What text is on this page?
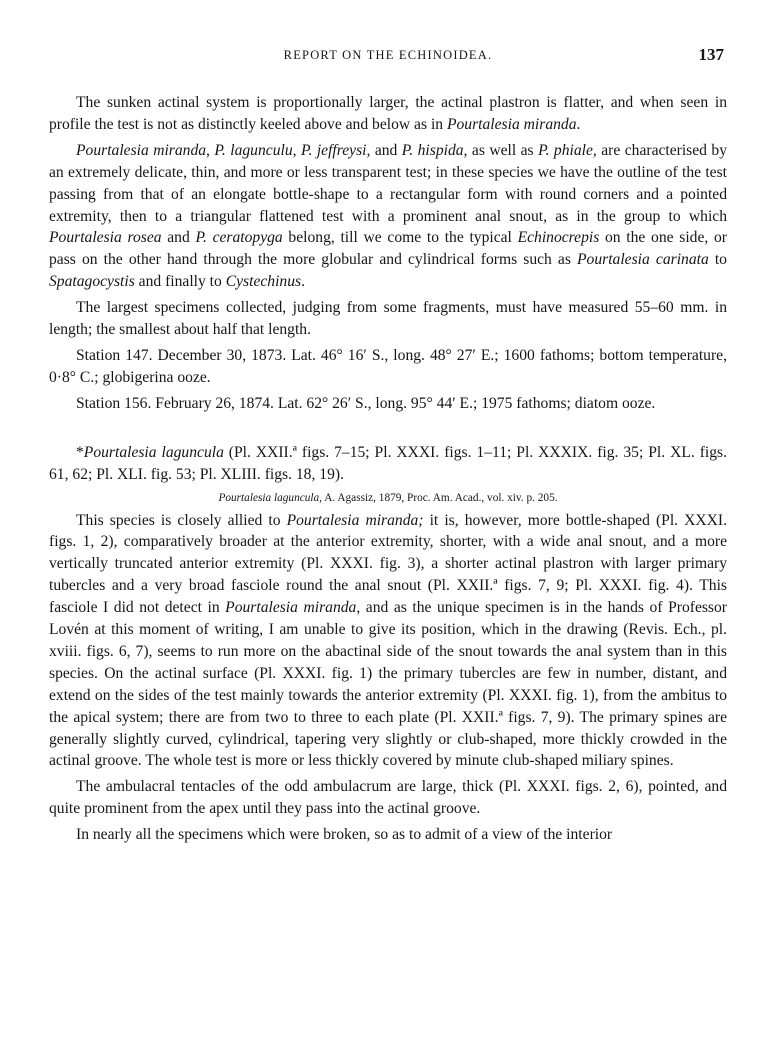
REPORT ON THE ECHINOIDEA.	137

The sunken actinal system is proportionally larger, the actinal plastron is flatter, and when seen in profile the test is not as distinctly keeled above and below as in Pourtalesia miranda.

Pourtalesia miranda, P. lagunculu, P. jeffreysi, and P. hispida, as well as P. phiale, are characterised by an extremely delicate, thin, and more or less transparent test; in these species we have the outline of the test passing from that of an elongate bottle-shape to a rectangular form with round corners and a pointed extremity, then to a triangular flattened test with a prominent anal snout, as in the group to which Pourtalesia rosea and P. ceratopyga belong, till we come to the typical Echinocrepis on the one side, or pass on the other hand through the more globular and cylindrical forms such as Pourtalesia carinata to Spatagocystis and finally to Cystechinus.

The largest specimens collected, judging from some fragments, must have measured 55–60 mm. in length; the smallest about half that length.

Station 147. December 30, 1873. Lat. 46° 16′ S., long. 48° 27′ E.; 1600 fathoms; bottom temperature, 0·8° C.; globigerina ooze.

Station 156. February 26, 1874. Lat. 62° 26′ S., long. 95° 44′ E.; 1975 fathoms; diatom ooze.

*Pourtalesia laguncula (Pl. XXII.ª figs. 7–15; Pl. XXXI. figs. 1–11; Pl. XXXIX. fig. 35; Pl. XL. figs. 61, 62; Pl. XLI. fig. 53; Pl. XLIII. figs. 18, 19).

Pourtalesia laguncula, A. Agassiz, 1879, Proc. Am. Acad., vol. xiv. p. 205.

This species is closely allied to Pourtalesia miranda; it is, however, more bottle-shaped (Pl. XXXI. figs. 1, 2), comparatively broader at the anterior extremity, shorter, with a wide anal snout, and a more vertically truncated anterior extremity (Pl. XXXI. fig. 3), a shorter actinal plastron with larger primary tubercles and a very broad fasciole round the anal snout (Pl. XXII.ª figs. 7, 9; Pl. XXXI. fig. 4). This fasciole I did not detect in Pourtalesia miranda, and as the unique specimen is in the hands of Professor Lovén at this moment of writing, I am unable to give its position, which in the drawing (Revis. Ech., pl. xviii. figs. 6, 7), seems to run more on the abactinal side of the snout towards the anal system than in this species. On the actinal surface (Pl. XXXI. fig. 1) the primary tubercles are few in number, distant, and extend on the sides of the test mainly towards the anterior extremity (Pl. XXXI. fig. 1), from the ambitus to the apical system; there are from two to three to each plate (Pl. XXII.ª figs. 7, 9). The primary spines are generally slightly curved, cylindrical, tapering very slightly or club-shaped, more thickly crowded in the actinal groove. The whole test is more or less thickly covered by minute club-shaped miliary spines.

The ambulacral tentacles of the odd ambulacrum are large, thick (Pl. XXXI. figs. 2, 6), pointed, and quite prominent from the apex until they pass into the actinal groove.

In nearly all the specimens which were broken, so as to admit of a view of the interior
